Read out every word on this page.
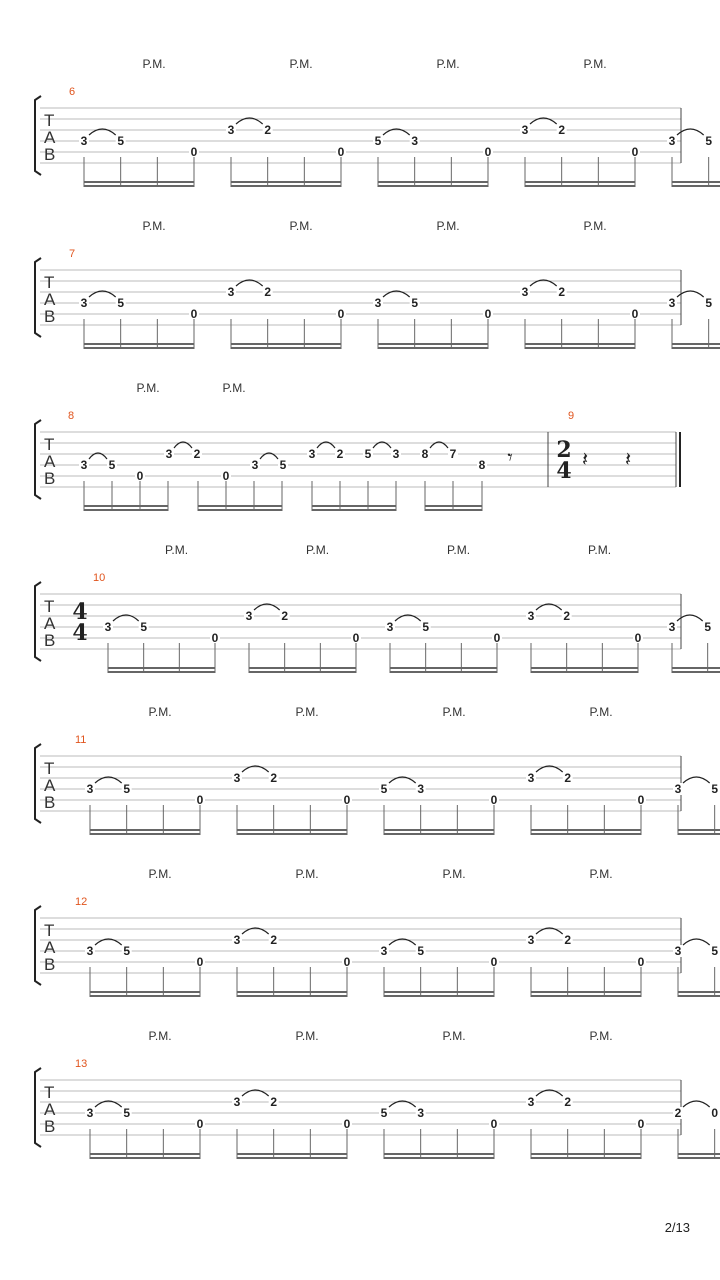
T
A
B
6
3 5
0
3 2
0
5 3
0
3 2
0
3 5
P.M.	P.M.	P.M.	P.M.
T
A
B
7
3 5
0
3 2
0
3 5
0
3 2
0
3 5
P.M.	P.M.	P.M.	P.M.
T
A
B
11
3 5
0
3 2
0
5 3
0
3 2
0
3 5
P.M.	P.M.	P.M.	P.M.
T
A
B
12
3 5
0
3 2
0
3 5
0
3 2
0
3 5
P.M.	P.M.	P.M.	P.M.
T
A
B
13
3 5
0
3 2
0
5 3
0
3 2
0
2 0
P.M.	P.M.	P.M.	P.M.
T
A
B
10
3 5
0
3 2
0
3 5
0
3 2
0
3 5
P.M.	P.M.	P.M.	P.M.
4
4
T
A
B
8	9
3 5
0
3 2
0
3 5
3 2 5 3 8 7
8 𝄾
P.M.	P.M.
2
4 𝄽 𝄽
2/13
